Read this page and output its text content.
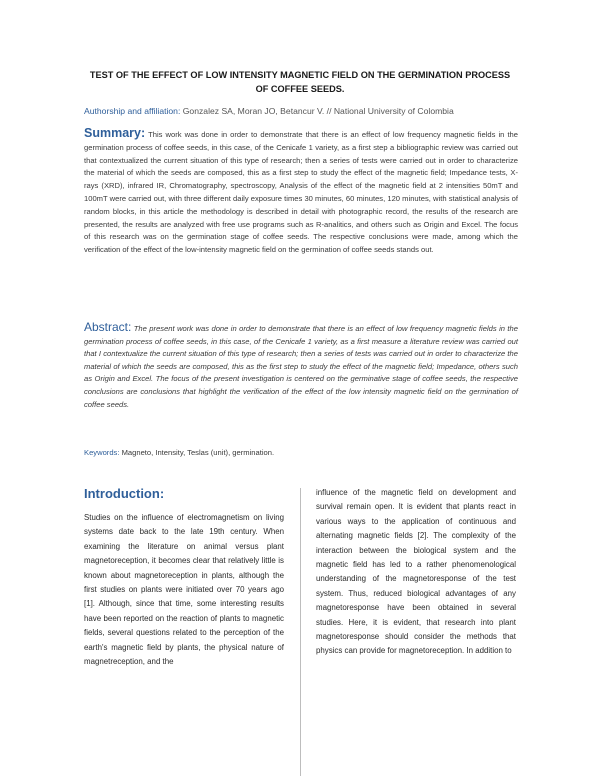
TEST OF THE EFFECT OF LOW INTENSITY MAGNETIC FIELD ON THE GERMINATION PROCESS OF COFFEE SEEDS.
Authorship and affiliation: Gonzalez SA, Moran JO, Betancur V. // National University of Colombia

Summary: This work was done in order to demonstrate that there is an effect of low frequency magnetic fields in the germination process of coffee seeds, in this case, of the Cenicafe 1 variety, as a first step a bibliographic review was carried out that contextualized the current situation of this type of research; then a series of tests were carried out in order to characterize the material of which the seeds are composed, this as a first step to study the effect of the magnetic field; Impedance tests, X-rays (XRD), infrared IR, Chromatography, spectroscopy, Analysis of the effect of the magnetic field at 2 intensities 50mT and 100mT were carried out, with three different daily exposure times 30 minutes, 60 minutes, 120 minutes, with statistical analysis of random blocks, in this article the methodology is described in detail with photographic record, the results of the research are presented, the results are analyzed with free use programs such as R-analitics, and others such as Origin and Excel. The focus of this research was on the germination stage of coffee seeds. The respective conclusions were made, among which the verification of the effect of the low-intensity magnetic field on the germination of coffee seeds stands out.

Abstract: The present work was done in order to demonstrate that there is an effect of low frequency magnetic fields in the germination process of coffee seeds, in this case, of the Cenicafe 1 variety, as a first measure a literature review was carried out that I contextualize the current situation of this type of research; then a series of tests was carried out in order to characterize the material of which the seeds are composed, this as the first step to study the effect of the magnetic field; Impedance, others such as Origin and Excel. The focus of the present investigation is centered on the germinative stage of coffee seeds, the respective conclusions are conclusions that highlight the verification of the effect of the low intensity magnetic field on the germination of coffee seeds.

Keywords: Magneto, Intensity, Teslas (unit), germination.

Introduction:

Studies on the influence of electromagnetism on living systems date back to the late 19th century. When examining the literature on animal versus plant magnetoreception, it becomes clear that relatively little is known about magnetoreception in plants, although the first studies on plants were initiated over 70 years ago [1]. Although, since that time, some interesting results have been reported on the reaction of plants to magnetic fields, several questions related to the perception of the earth's magnetic field by plants, the physical nature of magnetreception, and the

influence of the magnetic field on development and survival remain open. It is evident that plants react in various ways to the application of continuous and alternating magnetic fields [2]. The complexity of the interaction between the biological system and the magnetic field has led to a rather phenomenological understanding of the magnetoresponse of the test system. Thus, reduced biological advantages of any magnetoresponse have been obtained in several studies. Here, it is evident, that research into plant magnetoresponse should consider the methods that physics can provide for magnetoreception. In addition to
